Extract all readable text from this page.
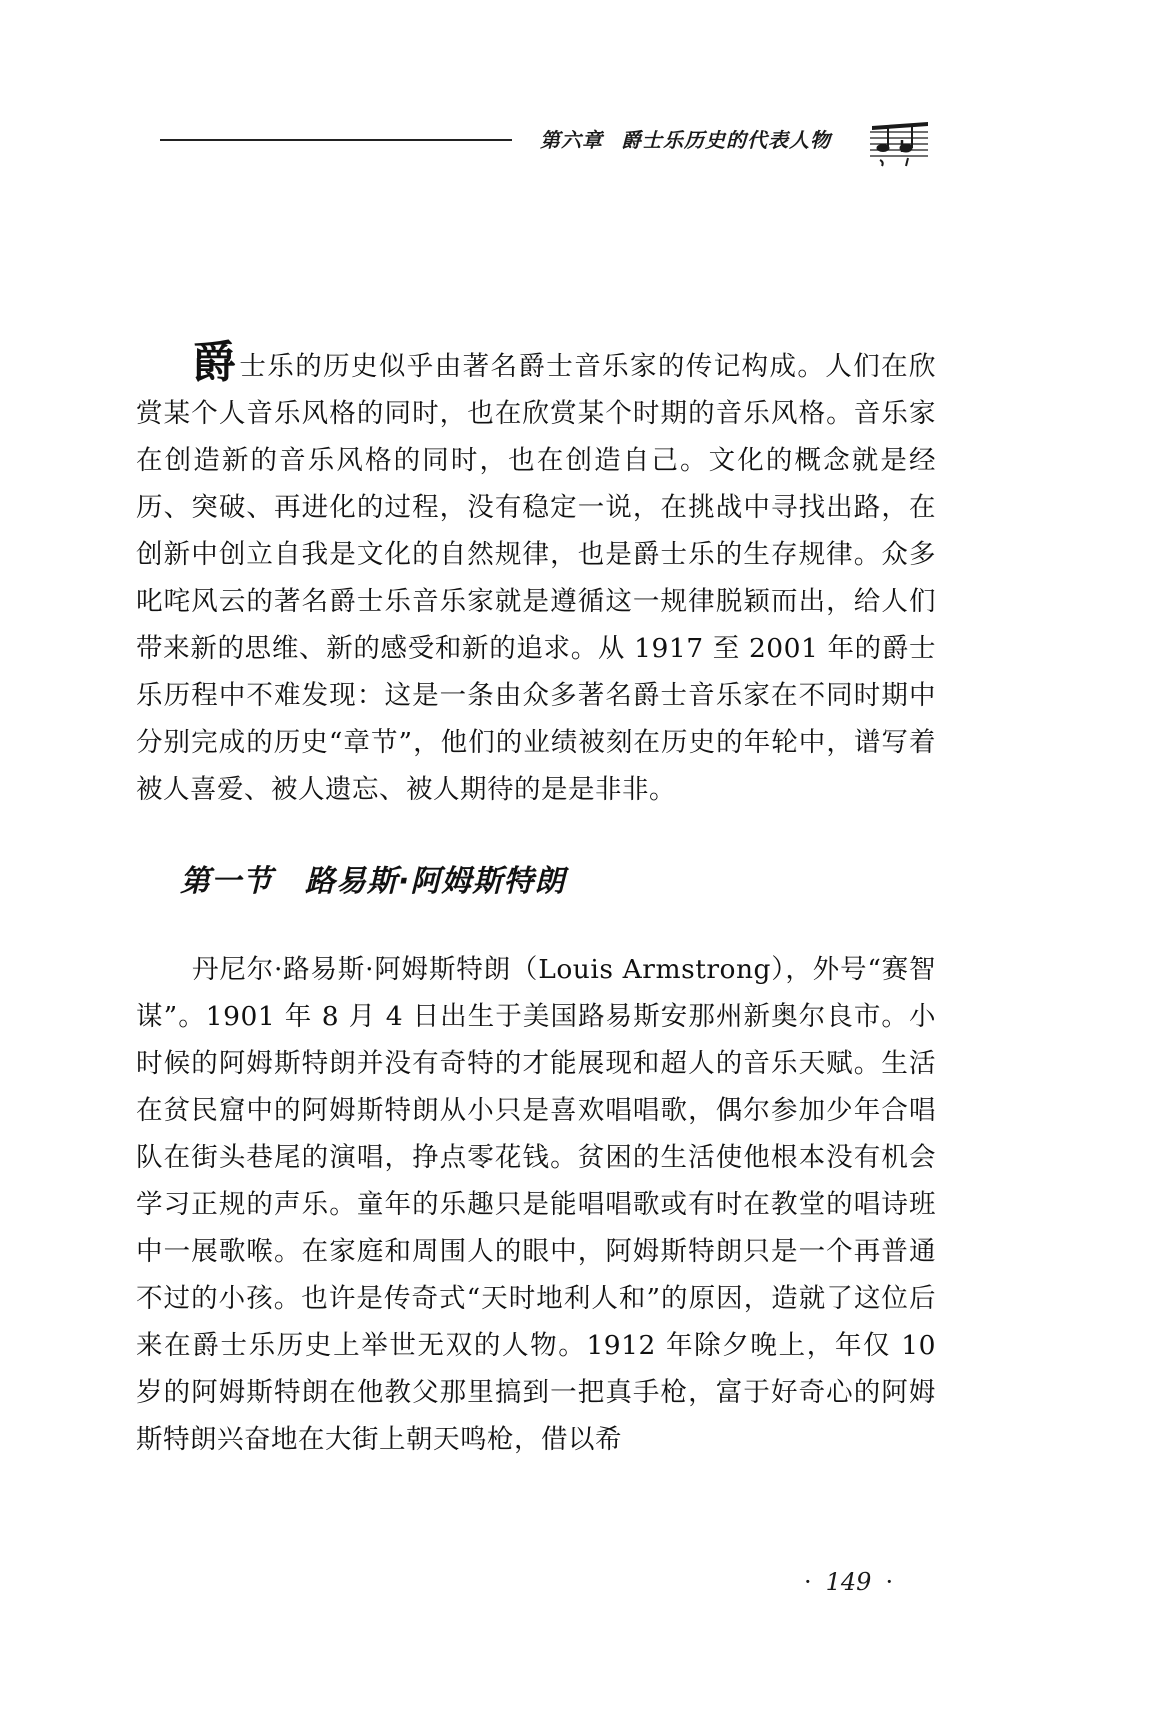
第六章 爵士乐历史的代表人物
爵士乐的历史似乎由著名爵士音乐家的传记构成。人们在欣赏某个人音乐风格的同时，也在欣赏某个时期的音乐风格。音乐家在创造新的音乐风格的同时，也在创造自己。文化的概念就是经历、突破、再进化的过程，没有稳定一说，在挑战中寻找出路，在创新中创立自我是文化的自然规律，也是爵士乐的生存规律。众多叱咤风云的著名爵士乐音乐家就是遵循这一规律脱颖而出，给人们带来新的思维、新的感受和新的追求。从 1917 至 2001 年的爵士乐历程中不难发现：这是一条由众多著名爵士音乐家在不同时期中分别完成的历史“章节”，他们的业绩被刻在历史的年轮中，谱写着被人喜爱、被人遗忘、被人期待的是是非非。
第一节 路易斯·阿姆斯特朗
丹尼尔·路易斯·阿姆斯特朗（Louis Armstrong），外号“赛智谋”。1901 年 8 月 4 日出生于美国路易斯安那州新奥尔良市。小时候的阿姆斯特朗并没有奇特的才能展现和超人的音乐天赋。生活在贫民窟中的阿姆斯特朗从小只是喜欢唱唱歌，偶尔参加少年合唱队在街头巷尾的演唱，挣点零花钱。贫困的生活使他根本没有机会学习正规的声乐。童年的乐趣只是能唱唱歌或有时在教堂的唱诗班中一展歌喉。在家庭和周围人的眼中，阿姆斯特朗只是一个再普通不过的小孩。也许是传奇式“天时地利人和”的原因，造就了这位后来在爵士乐历史上举世无双的人物。1912 年除夕晚上，年仅 10 岁的阿姆斯特朗在他教父那里搞到一把真手枪，富于好奇心的阿姆斯特朗兴奋地在大街上朝天鸣枪，借以希
· 149 ·
